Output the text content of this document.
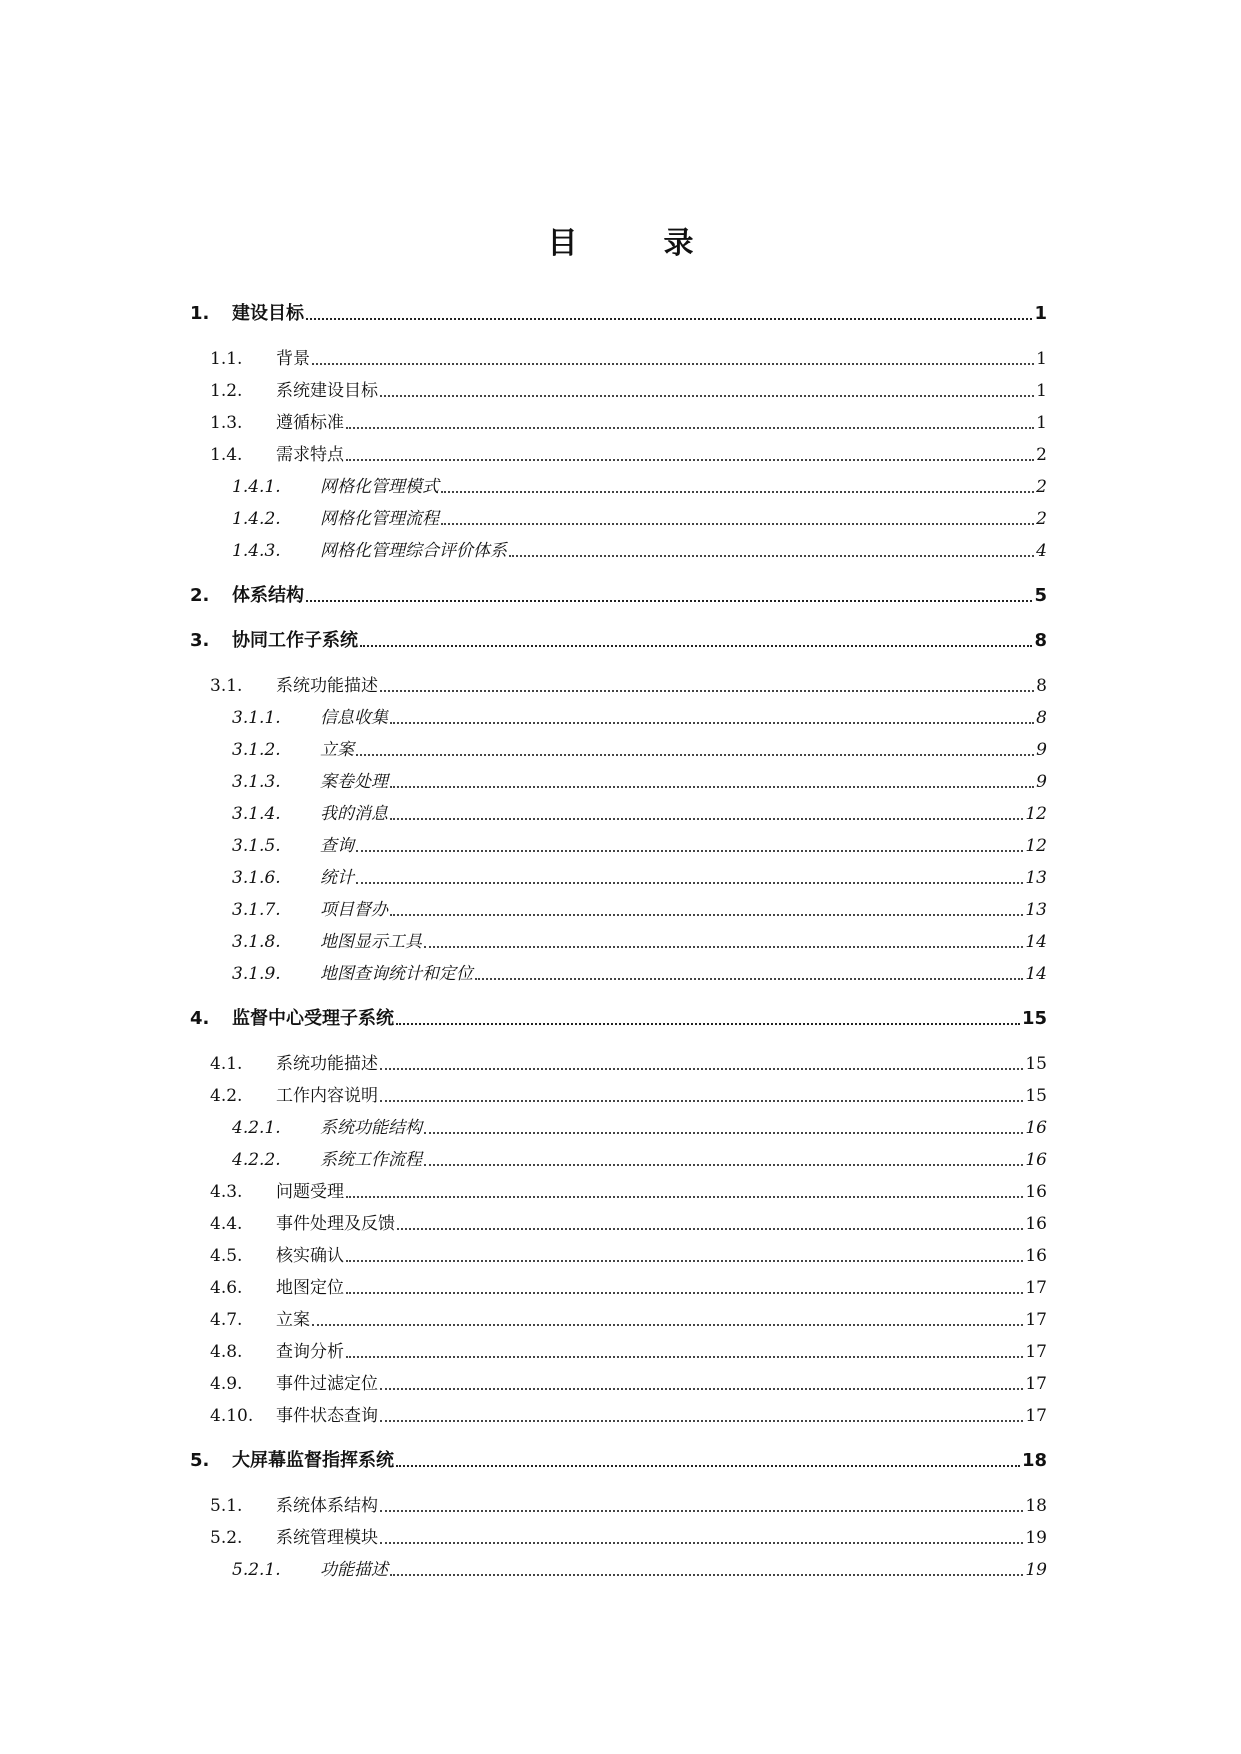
目　录
1. 建设目标	1
1.1. 背景	1
1.2. 系统建设目标	1
1.3. 遵循标准	1
1.4. 需求特点	2
1.4.1. 网格化管理模式	2
1.4.2. 网格化管理流程	2
1.4.3. 网格化管理综合评价体系	4
2. 体系结构	5
3. 协同工作子系统	8
3.1. 系统功能描述	8
3.1.1. 信息收集	8
3.1.2. 立案	9
3.1.3. 案卷处理	9
3.1.4. 我的消息	12
3.1.5. 查询	12
3.1.6. 统计	13
3.1.7. 项目督办	13
3.1.8. 地图显示工具	14
3.1.9. 地图查询统计和定位	14
4. 监督中心受理子系统	15
4.1. 系统功能描述	15
4.2. 工作内容说明	15
4.2.1. 系统功能结构	16
4.2.2. 系统工作流程	16
4.3. 问题受理	16
4.4. 事件处理及反馈	16
4.5. 核实确认	16
4.6. 地图定位	17
4.7. 立案	17
4.8. 查询分析	17
4.9. 事件过滤定位	17
4.10. 事件状态查询	17
5. 大屏幕监督指挥系统	18
5.1. 系统体系结构	18
5.2. 系统管理模块	19
5.2.1. 功能描述	19
